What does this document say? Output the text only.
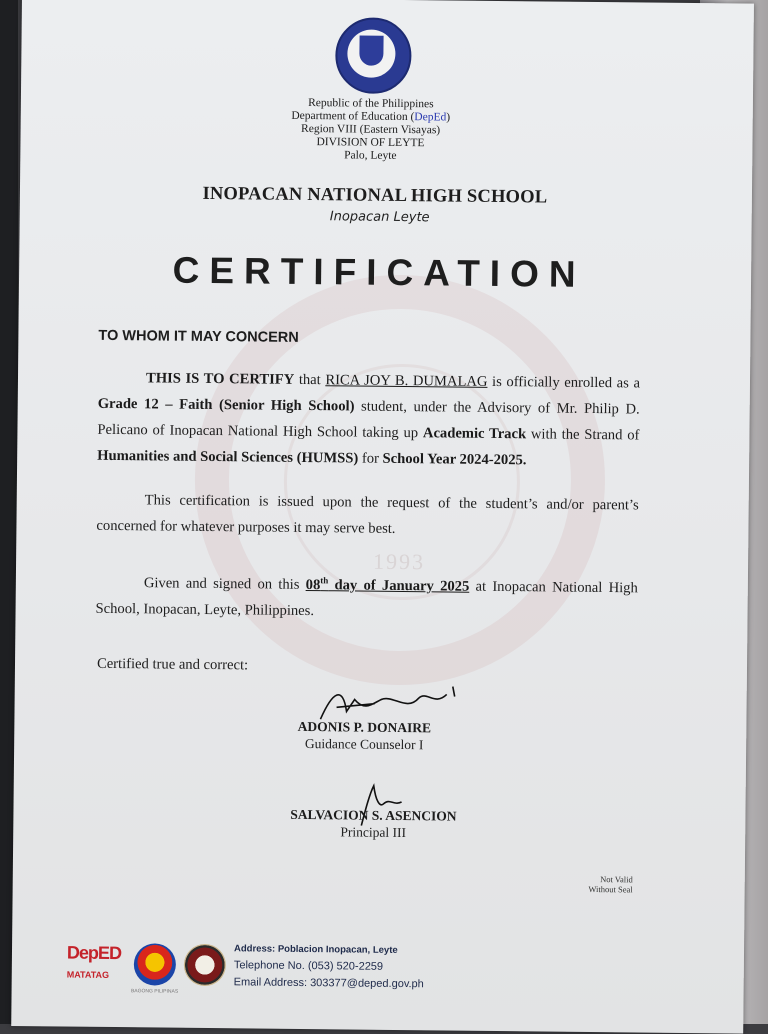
1993
Republic of the Philippines
Department of Education (DepEd)
Region VIII (Eastern Visayas)
DIVISION OF LEYTE
Palo, Leyte
INOPACAN NATIONAL HIGH SCHOOL
Inopacan Leyte
CERTIFICATION
TO WHOM IT MAY CONCERN
THIS IS TO CERTIFY that RICA JOY B. DUMALAG is officially enrolled as a Grade 12 – Faith (Senior High School) student, under the Advisory of Mr. Philip D. Pelicano of Inopacan National High School taking up Academic Track with the Strand of Humanities and Social Sciences (HUMSS) for School Year 2024-2025.
This certification is issued upon the request of the student’s and/or parent’s concerned for whatever purposes it may serve best.
Given and signed on this 08th day of January 2025 at Inopacan National High School, Inopacan, Leyte, Philippines.
Certified true and correct:
ADONIS P. DONAIRE
Guidance Counselor I
SALVACION S. ASENCION
Principal III
Not Valid
Without Seal
DepED
MATATAG
BAGONG PILIPINAS
Address: Poblacion Inopacan, Leyte
Telephone No. (053) 520-2259
Email Address: 303377@deped.gov.ph
